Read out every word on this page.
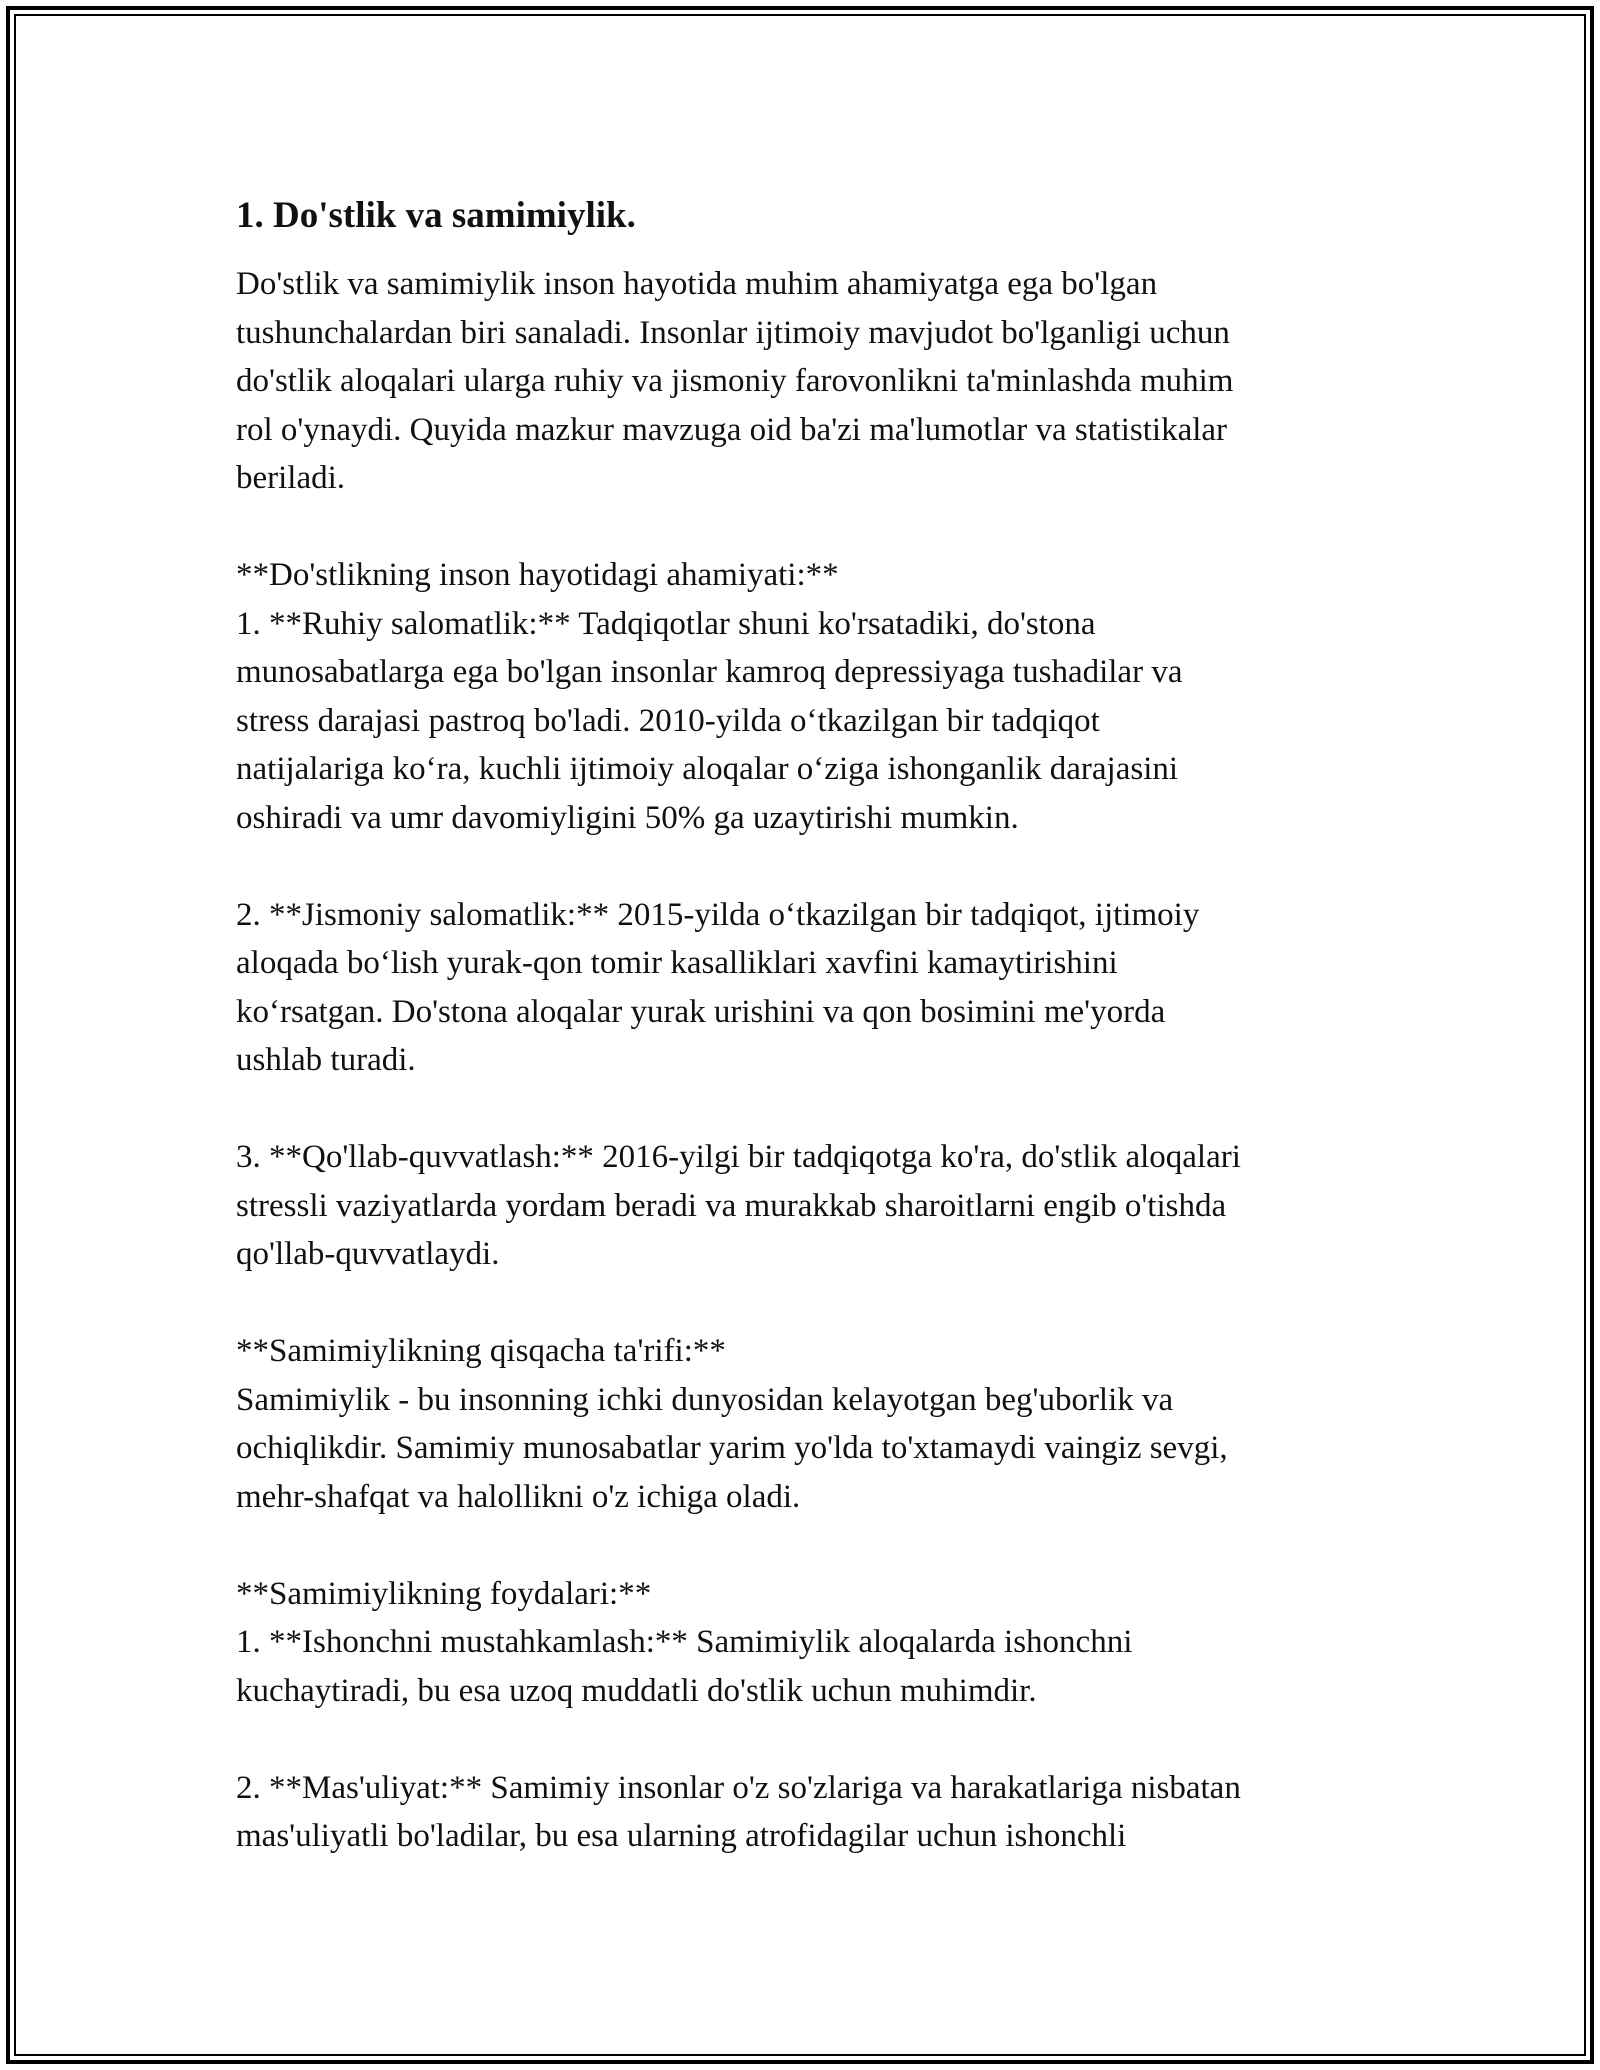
1. Do'stlik va samimiylik.
Do'stlik va samimiylik inson hayotida muhim ahamiyatga ega bo'lgan
tushunchalardan biri sanaladi. Insonlar ijtimoiy mavjudot bo'lganligi uchun
do'stlik aloqalari ularga ruhiy va jismoniy farovonlikni ta'minlashda muhim
rol o'ynaydi. Quyida mazkur mavzuga oid ba'zi ma'lumotlar va statistikalar
beriladi.
**Do'stlikning inson hayotidagi ahamiyati:**
1. **Ruhiy salomatlik:** Tadqiqotlar shuni ko'rsatadiki, do'stona
munosabatlarga ega bo'lgan insonlar kamroq depressiyaga tushadilar va
stress darajasi pastroq bo'ladi. 2010-yilda o‘tkazilgan bir tadqiqot
natijalariga ko‘ra, kuchli ijtimoiy aloqalar o‘ziga ishonganlik darajasini
oshiradi va umr davomiyligini 50% ga uzaytirishi mumkin.
2. **Jismoniy salomatlik:** 2015-yilda o‘tkazilgan bir tadqiqot, ijtimoiy
aloqada bo‘lish yurak-qon tomir kasalliklari xavfini kamaytirishini
ko‘rsatgan. Do'stona aloqalar yurak urishini va qon bosimini me'yorda
ushlab turadi.
3. **Qo'llab-quvvatlash:** 2016-yilgi bir tadqiqotga ko'ra, do'stlik aloqalari
stressli vaziyatlarda yordam beradi va murakkab sharoitlarni engib o'tishda
qo'llab-quvvatlaydi.
**Samimiylikning qisqacha ta'rifi:**
Samimiylik - bu insonning ichki dunyosidan kelayotgan beg'uborlik va
ochiqlikdir. Samimiy munosabatlar yarim yo'lda to'xtamaydi vaingiz sevgi,
mehr-shafqat va halollikni o'z ichiga oladi.
**Samimiylikning foydalari:**
1. **Ishonchni mustahkamlash:** Samimiylik aloqalarda ishonchni
kuchaytiradi, bu esa uzoq muddatli do'stlik uchun muhimdir.
2. **Mas'uliyat:** Samimiy insonlar o'z so'zlariga va harakatlariga nisbatan
mas'uliyatli bo'ladilar, bu esa ularning atrofidagilar uchun ishonchli
